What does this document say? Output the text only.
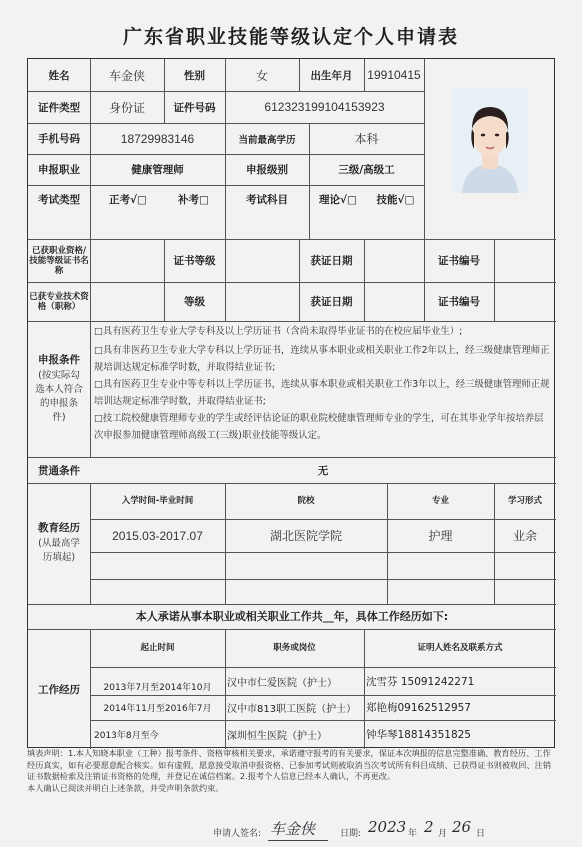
广东省职业技能等级认定个人申请表
姓名	车金侠	性别	女	出生年月	19910415
证件类型	身份证	证件号码	612323199104153923
手机号码	18729983146	当前最高学历	本科
申报职业	健康管理师	申报级别	三级/高级工
考试类型	正考√□	补考□	考试科目	理论√□	技能√□
已获职业资格/技能等级证书名称
证书等级	获证日期	证书编号
已获专业技术资格（职称）	等级	获证日期	证书编号
申报条件
(按实际勾选本人符合的申报条件)
□具有医药卫生专业大学专科及以上学历证书（含尚未取得毕业证书的在校应届毕业生）;
□具有非医药卫生专业大学专科以上学历证书，连续从事本职业或相关职业工作2年以上，经三级健康管理师正规培训达规定标准学时数，并取得结业证书;
□具有医药卫生专业中等专科以上学历证书，连续从事本职业或相关职业工作3年以上，经三级健康管理师正规培训达规定标准学时数，并取得结业证书;
□技工院校健康管理师专业的学生或经评估论证的职业院校健康管理师专业的学生，可在其毕业学年按培养层次申报参加健康管理师高级工(三级)职业技能等级认定。
贯通条件	无
教育经历
(从最高学历填起)
入学时间-毕业时间	院校	专业	学习形式
2015.03-2017.07	湖北医院学院	护理	业余
本人承诺从事本职业或相关职业工作共__年，具体工作经历如下:
工作经历
起止时间	职务或岗位	证明人姓名及联系方式
2013年7月至2014年10月	汉中市仁爱医院（护士）	沈雪芬 15091242271
2014年11月至2016年7月	汉中市813职工医院（护士） 郑艳梅09162512957
2013年8月至今	深圳恒生医院（护士）	钟华琴18814351825
填表声明：1.本人知晓本职业（工种）报考条件、资格审核相关要求，承诺遵守报考的有关要求，保证本次填报的信息完整准确、教育经历、工作经历真实，如有必要愿意配合核实。如有虚假，愿意接受取消申报资格、已参加考试则被取消当次考试所有科目成绩、已获得证书则被收回、注销证书数据检索及注销证书资格的处理，并登记在诚信档案。2.报考个人信息已经本人确认，不再更改。
本人确认已阅读并明白上述条款，并受声明条款约束。
申请人签名: 车金侠	日期: 2023 年 2 月 26 日
